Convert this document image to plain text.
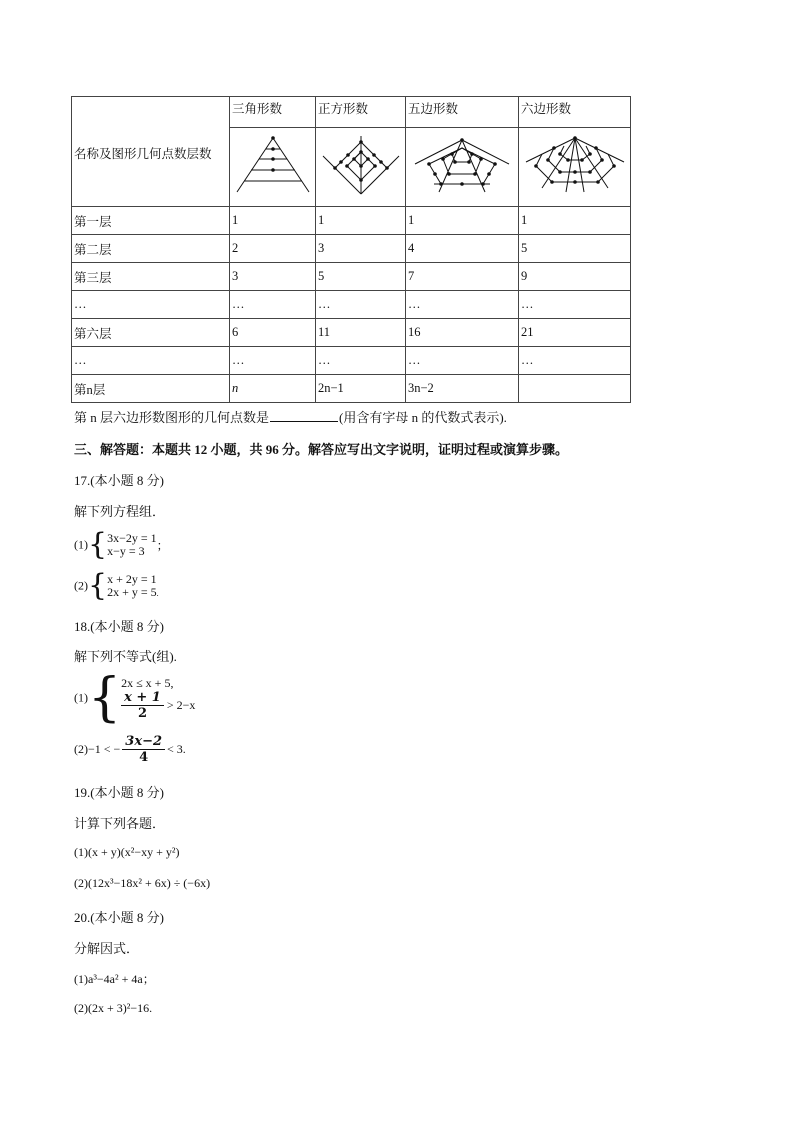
名称及图形几何点数层数	三角形数	正方形数	五边形数	六边形数

第一层	1	1	1	1
第二层	2	3	4	5
第三层	3	5	7	9
…	…	…	…	…
第六层	6	11	16	21
…	…	…	…	…
第n层	n	2n−1	3n−2	
第 n 层六边形数图形的几何点数是	(用含有字母 n 的代数式表示).
三、解答题：本题共 12 小题，共 96 分。解答应写出文字说明，证明过程或演算步骤。
17.(本小题 8 分)
解下列方程组．
(1){ 3x−2y = 1
x−y = 3	；
(2){ x + 2y = 1
2x + y = 5.
18.(本小题 8 分)
解下列不等式(组).
(1){ 2x ≤ x + 5,
$\frac{x + 1}{2} > 2-x$
(2)−1 < − $\frac{3x-2}{4} < 3$.
19.(本小题 8 分)
计算下列各题．
(1)(x + y)(x²−xy + y²)
(2)(12x³−18x² + 6x) ÷ (−6x)
20.(本小题 8 分)
分解因式．
(1)a³−4a² + 4a；
(2)(2x + 3)²−16.
